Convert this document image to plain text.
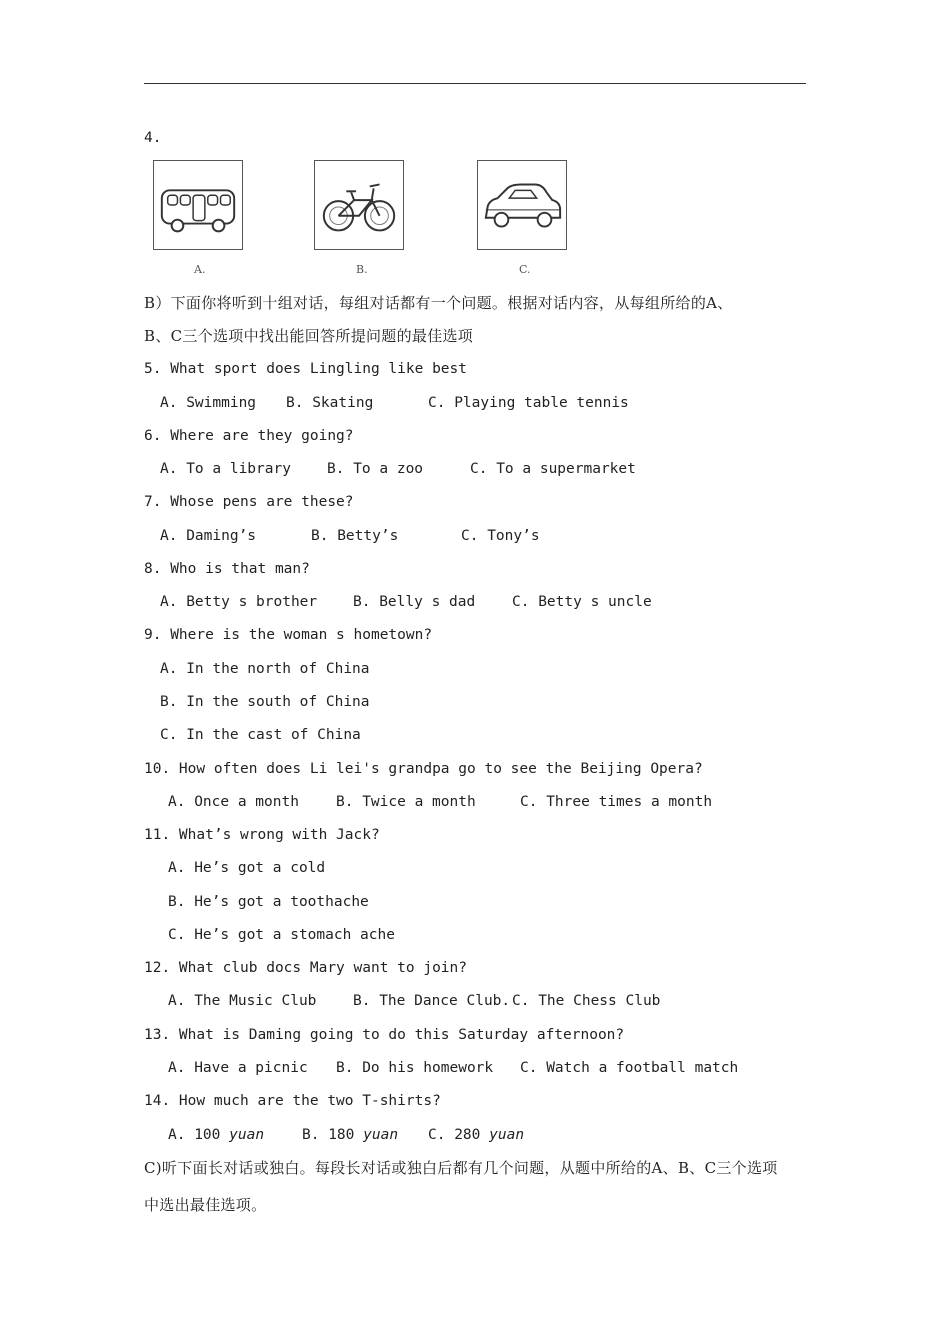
4.
A.	B.	C.
B）下面你将听到十组对话，每组对话都有一个问题。根据对话内容，从每组所给的A、
B、C三个选项中找出能回答所提问题的最佳选项
5. What sport does Lingling like best
A. Swimming B. Skating	C. Playing table tennis
6. Where are they going?
A. To a library B. To a zoo	C. To a supermarket
7. Whose pens are these?
A. Daming’s	B. Betty’s	C. Tony’s
8. Who is that man?
A. Betty s brother B. Belly s dad	C. Betty s uncle
9. Where is the woman s hometown?
A. In the north of China
B. In the south of China
C. In the cast of China
10. How often does Li lei's grandpa go to see the Beijing Opera?
A. Once a month	B. Twice a month	C. Three times a month
11. What’s wrong with Jack?
A. He’s got a cold
B. He’s got a toothache
C. He’s got a stomach ache
12. What club docs Mary want to join?
A. The Music Club	B. The Dance Club. C. The Chess Club
13. What is Daming going to do this Saturday afternoon?
A. Have a picnic B. Do his homework C. Watch a football match
14. How much are the two T-shirts?
A. 100 yuan	B. 180 yuan C. 280 yuan
C)听下面长对话或独白。每段长对话或独白后都有几个问题，从题中所给的A、B、C三个选项
中选出最佳选项。
